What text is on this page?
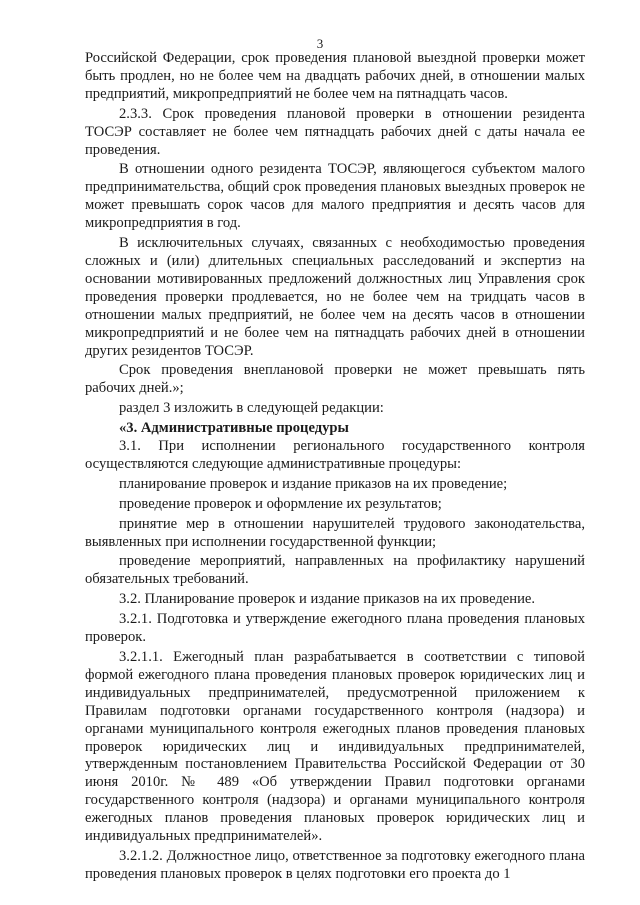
3

Российской Федерации, срок проведения плановой выездной проверки может быть продлен, но не более чем на двадцать рабочих дней, в отношении малых предприятий, микропредприятий не более чем на пятнадцать часов.

2.3.3. Срок проведения плановой проверки в отношении резидента ТОСЭР составляет не более чем пятнадцать рабочих дней с даты начала ее проведения.

В отношении одного резидента ТОСЭР, являющегося субъектом малого предпринимательства, общий срок проведения плановых выездных проверок не может превышать сорок часов для малого предприятия и десять часов для микропредприятия в год.

В исключительных случаях, связанных с необходимостью проведения сложных и (или) длительных специальных расследований и экспертиз на основании мотивированных предложений должностных лиц Управления срок проведения проверки продлевается, но не более чем на тридцать часов в отношении малых предприятий, не более чем на десять часов в отношении микропредприятий и не более чем на пятнадцать рабочих дней в отношении других резидентов ТОСЭР.

Срок проведения внеплановой проверки не может превышать пять рабочих дней.»;

раздел 3 изложить в следующей редакции:

«3. Административные процедуры

3.1. При исполнении регионального государственного контроля осуществляются следующие административные процедуры:

планирование проверок и издание приказов на их проведение;

проведение проверок и оформление их результатов;

принятие мер в отношении нарушителей трудового законодательства, выявленных при исполнении государственной функции;

проведение мероприятий, направленных на профилактику нарушений обязательных требований.

3.2. Планирование проверок и издание приказов на их проведение.

3.2.1. Подготовка и утверждение ежегодного плана проведения плановых проверок.

3.2.1.1. Ежегодный план разрабатывается в соответствии с типовой формой ежегодного плана проведения плановых проверок юридических лиц и индивидуальных предпринимателей, предусмотренной приложением к Правилам подготовки органами государственного контроля (надзора) и органами муниципального контроля ежегодных планов проведения плановых проверок юридических лиц и индивидуальных предпринимателей, утвержденным постановлением Правительства Российской Федерации от 30 июня 2010г. № 489 «Об утверждении Правил подготовки органами государственного контроля (надзора) и органами муниципального контроля ежегодных планов проведения плановых проверок юридических лиц и индивидуальных предпринимателей».

3.2.1.2. Должностное лицо, ответственное за подготовку ежегодного плана проведения плановых проверок в целях подготовки его проекта до 1
